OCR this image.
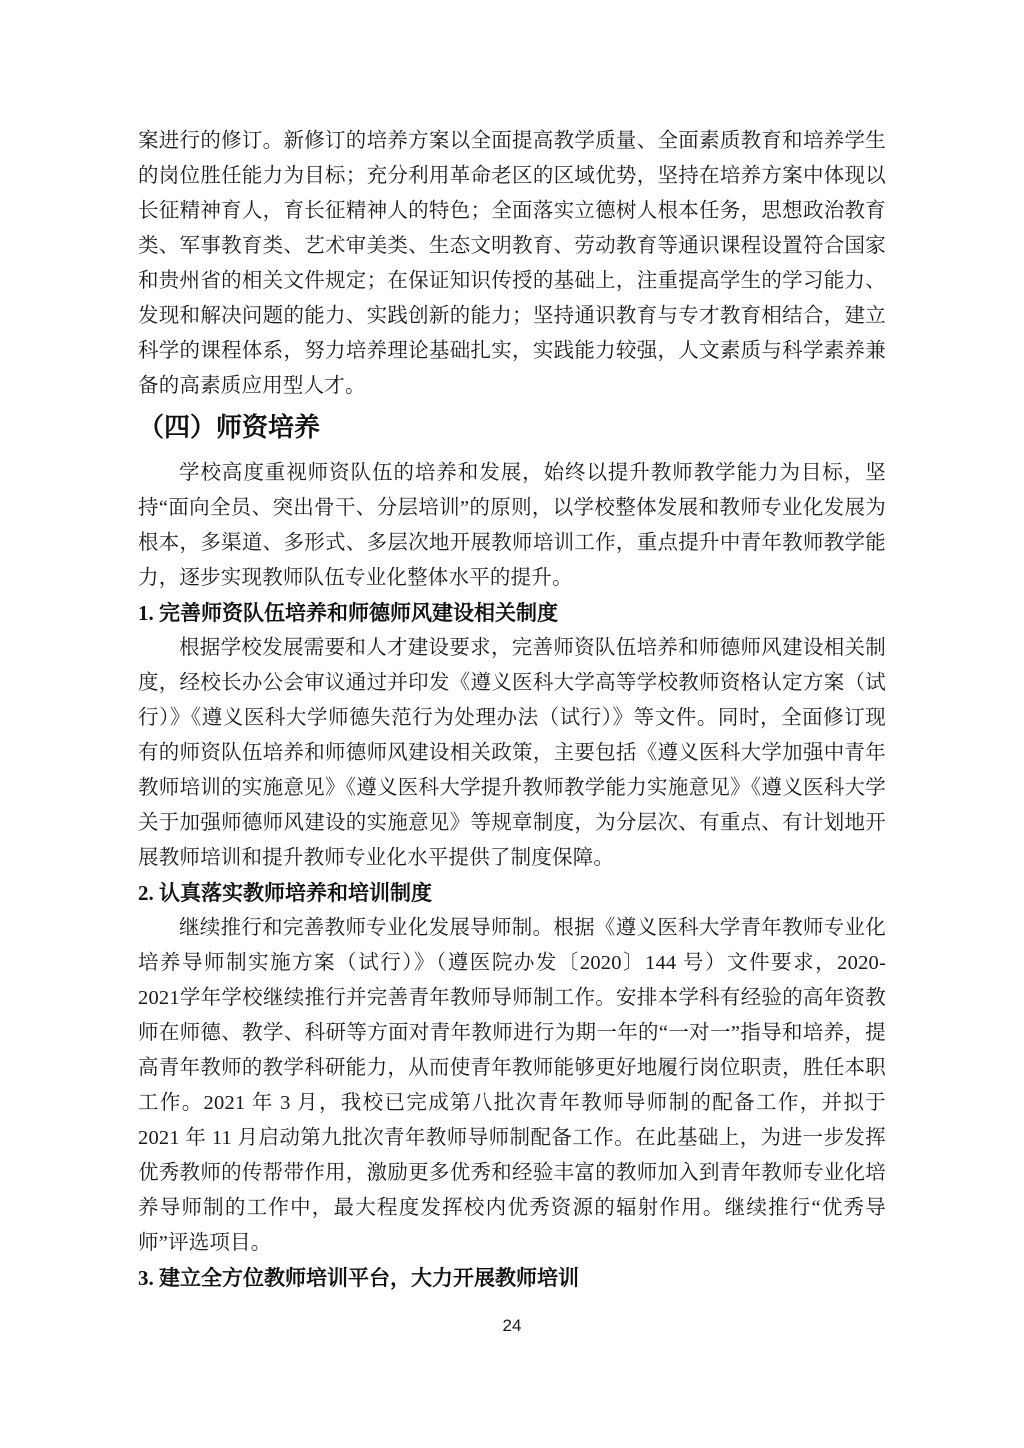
案进行的修订。新修订的培养方案以全面提高教学质量、全面素质教育和培养学生的岗位胜任能力为目标；充分利用革命老区的区域优势，坚持在培养方案中体现以长征精神育人，育长征精神人的特色；全面落实立德树人根本任务，思想政治教育类、军事教育类、艺术审美类、生态文明教育、劳动教育等通识课程设置符合国家和贵州省的相关文件规定；在保证知识传授的基础上，注重提高学生的学习能力、发现和解决问题的能力、实践创新的能力；坚持通识教育与专才教育相结合，建立科学的课程体系，努力培养理论基础扎实，实践能力较强，人文素质与科学素养兼备的高素质应用型人才。

（四）师资培养

学校高度重视师资队伍的培养和发展，始终以提升教师教学能力为目标，坚持“面向全员、突出骨干、分层培训”的原则，以学校整体发展和教师专业化发展为根本，多渠道、多形式、多层次地开展教师培训工作，重点提升中青年教师教学能力，逐步实现教师队伍专业化整体水平的提升。

1. 完善师资队伍培养和师德师风建设相关制度

根据学校发展需要和人才建设要求，完善师资队伍培养和师德师风建设相关制度，经校长办公会审议通过并印发《遵义医科大学高等学校教师资格认定方案（试行）》《遵义医科大学师德失范行为处理办法（试行）》等文件。同时，全面修订现有的师资队伍培养和师德师风建设相关政策，主要包括《遵义医科大学加强中青年教师培训的实施意见》《遵义医科大学提升教师教学能力实施意见》《遵义医科大学关于加强师德师风建设的实施意见》等规章制度，为分层次、有重点、有计划地开展教师培训和提升教师专业化水平提供了制度保障。

2. 认真落实教师培养和培训制度

继续推行和完善教师专业化发展导师制。根据《遵义医科大学青年教师专业化培养导师制实施方案（试行）》（遵医院办发〔2020〕144 号）文件要求，2020-2021学年学校继续推行并完善青年教师导师制工作。安排本学科有经验的高年资教师在师德、教学、科研等方面对青年教师进行为期一年的“一对一”指导和培养，提高青年教师的教学科研能力，从而使青年教师能够更好地履行岗位职责，胜任本职工作。2021 年 3 月，我校已完成第八批次青年教师导师制的配备工作，并拟于 2021 年 11 月启动第九批次青年教师导师制配备工作。在此基础上，为进一步发挥优秀教师的传帮带作用，激励更多优秀和经验丰富的教师加入到青年教师专业化培养导师制的工作中，最大程度发挥校内优秀资源的辐射作用。继续推行“优秀导师”评选项目。

3. 建立全方位教师培训平台，大力开展教师培训
24
